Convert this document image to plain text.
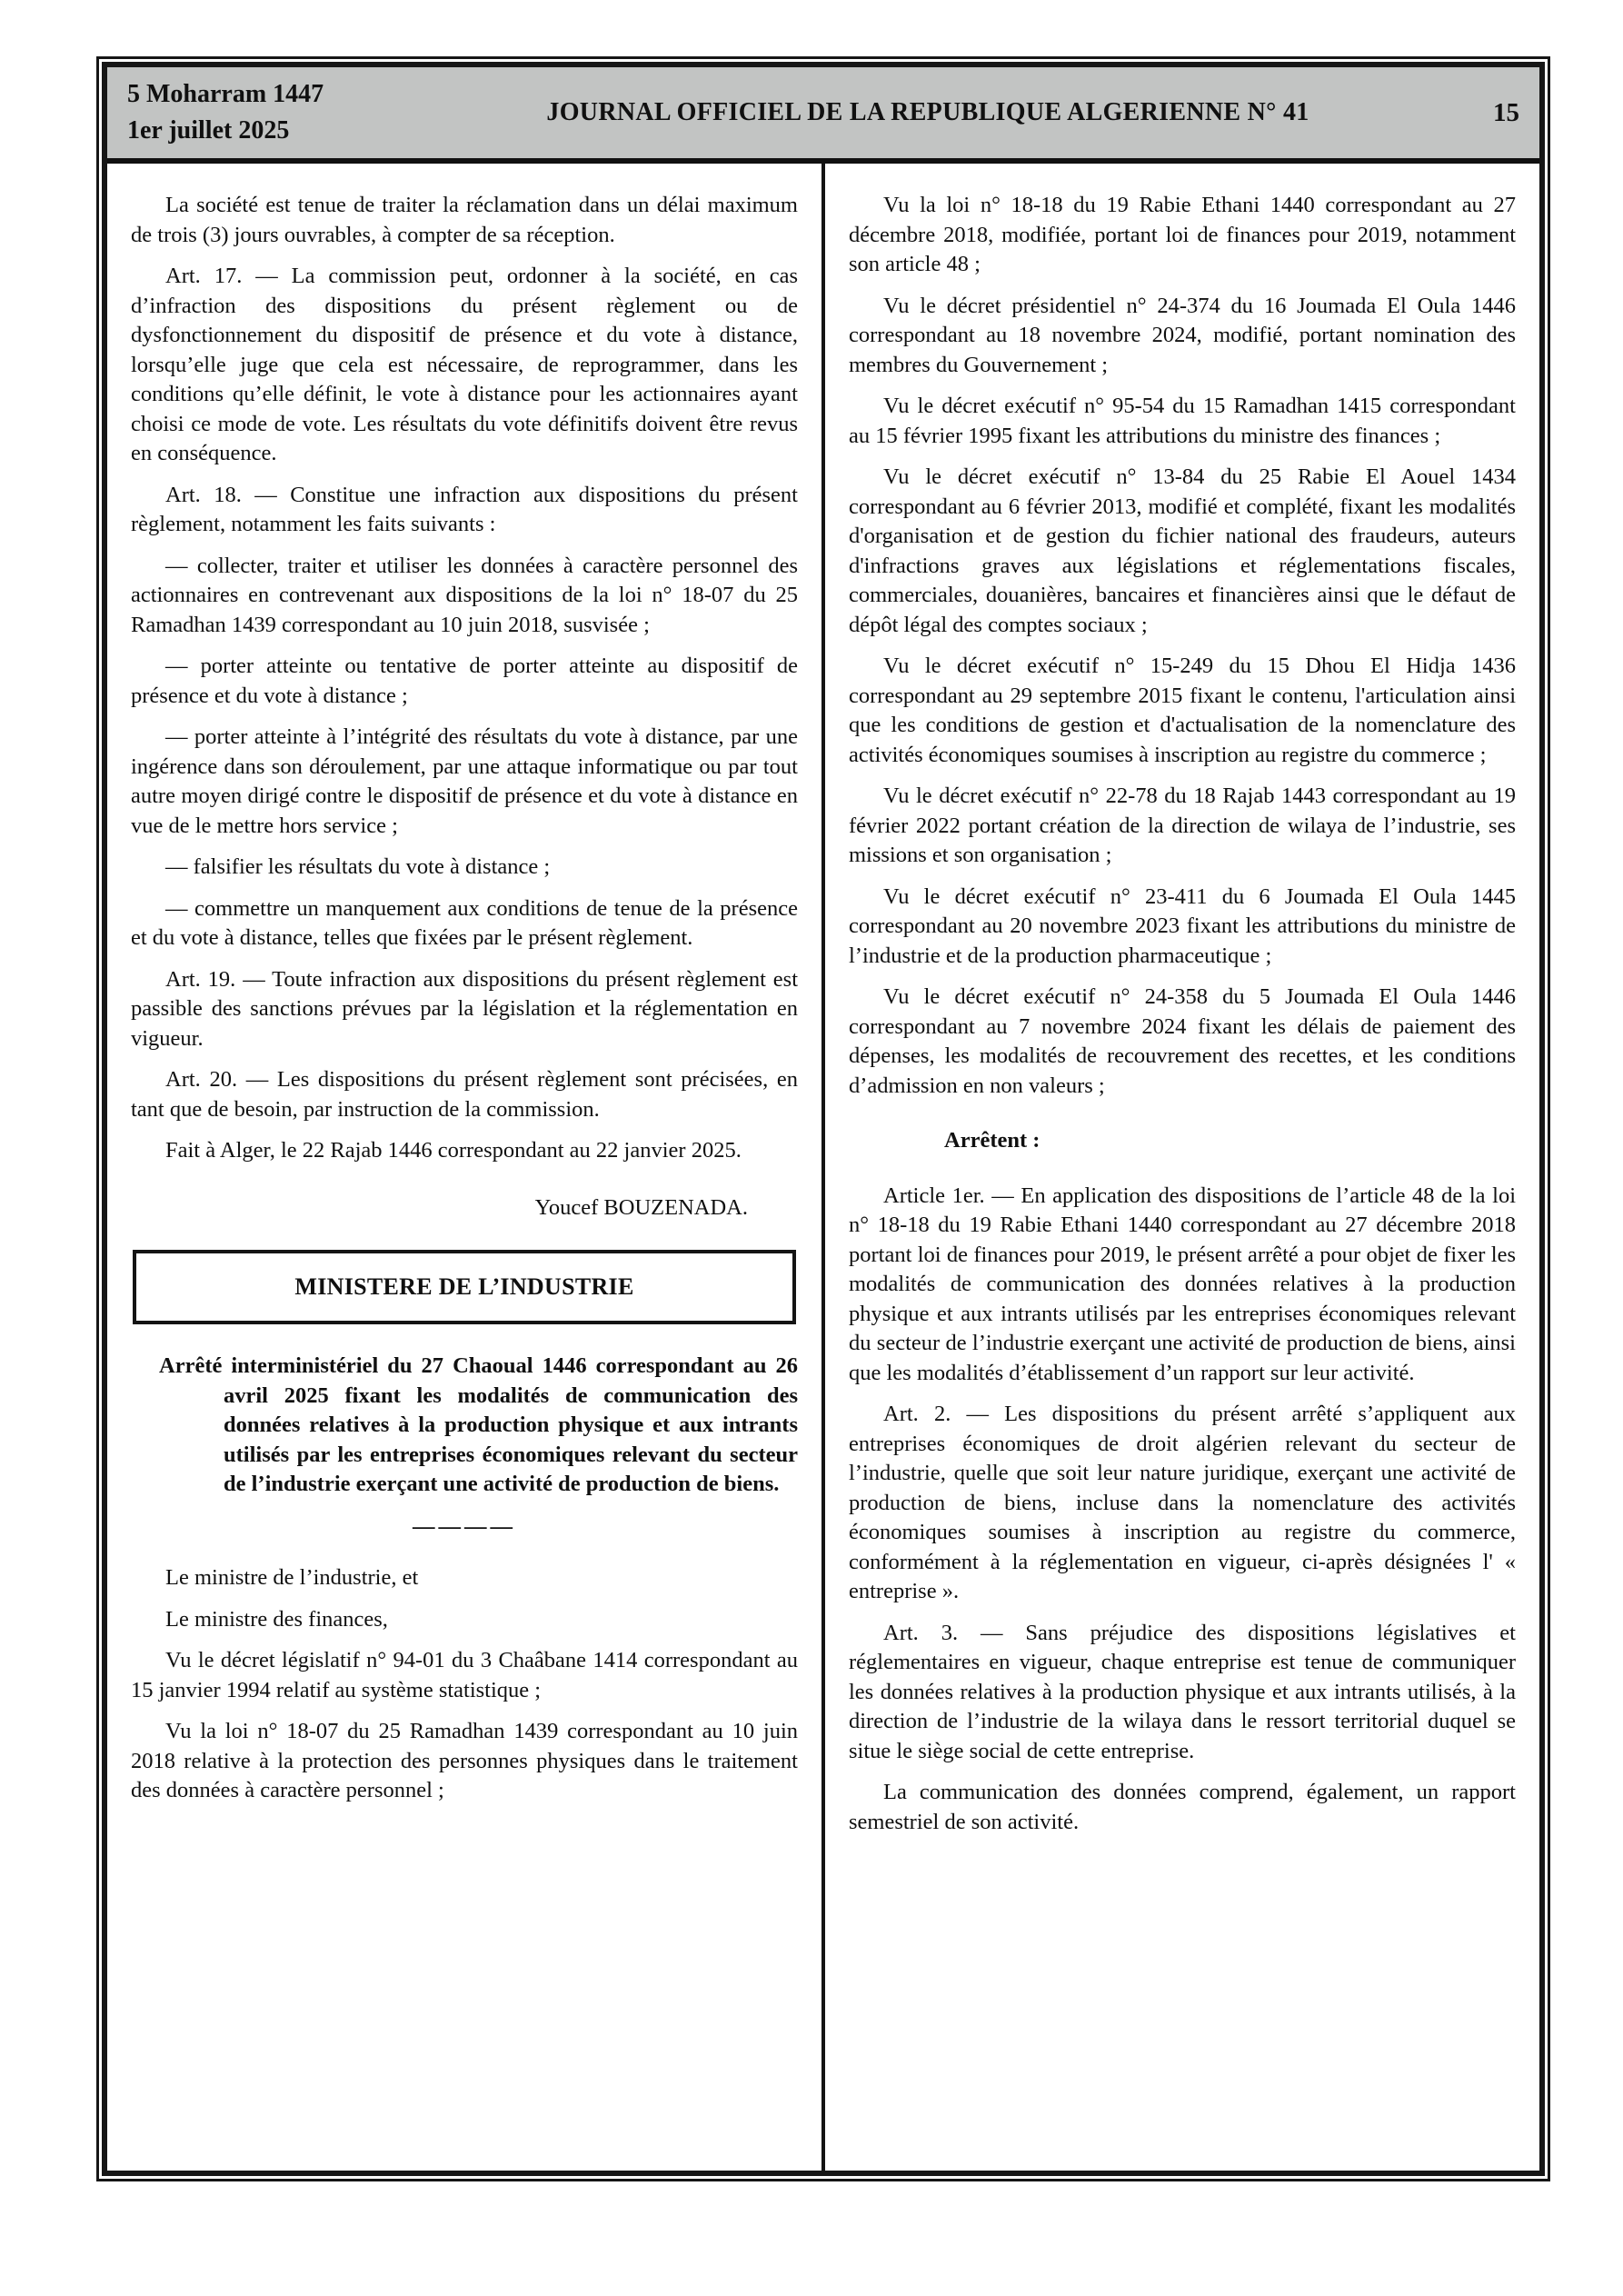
5 Moharram 1447
1er juillet 2025
JOURNAL OFFICIEL DE LA REPUBLIQUE ALGERIENNE N° 41	15

La société est tenue de traiter la réclamation dans un délai maximum de trois (3) jours ouvrables, à compter de sa réception.

Art. 17. — La commission peut, ordonner à la société, en cas d’infraction des dispositions du présent règlement ou de dysfonctionnement du dispositif de présence et du vote à distance, lorsqu’elle juge que cela est nécessaire, de reprogrammer, dans les conditions qu’elle définit, le vote à distance pour les actionnaires ayant choisi ce mode de vote. Les résultats du vote définitifs doivent être revus en conséquence.

Art. 18. — Constitue une infraction aux dispositions du présent règlement, notamment les faits suivants :

— collecter, traiter et utiliser les données à caractère personnel des actionnaires en contrevenant aux dispositions de la loi n° 18-07 du 25 Ramadhan 1439 correspondant au 10 juin 2018, susvisée ;

— porter atteinte ou tentative de porter atteinte au dispositif de présence et du vote à distance ;

— porter atteinte à l’intégrité des résultats du vote à distance, par une ingérence dans son déroulement, par une attaque informatique ou par tout autre moyen dirigé contre le dispositif de présence et du vote à distance en vue de le mettre hors service ;

— falsifier les résultats du vote à distance ;

— commettre un manquement aux conditions de tenue de la présence et du vote à distance, telles que fixées par le présent règlement.

Art. 19. — Toute infraction aux dispositions du présent règlement est passible des sanctions prévues par la législation et la réglementation en vigueur.

Art. 20. — Les dispositions du présent règlement sont précisées, en tant que de besoin, par instruction de la commission.

Fait à Alger, le 22 Rajab 1446 correspondant au 22 janvier 2025.

Youcef BOUZENADA.

MINISTERE DE L’INDUSTRIE

Arrêté interministériel du 27 Chaoual 1446 correspondant au 26 avril 2025 fixant les modalités de communication des données relatives à la production physique et aux intrants utilisés par les entreprises économiques relevant du secteur de l’industrie exerçant une activité de production de biens.

————

Le ministre de l’industrie, et

Le ministre des finances,

Vu le décret législatif n° 94-01 du 3 Chaâbane 1414 correspondant au 15 janvier 1994 relatif au système statistique ;

Vu la loi n° 18-07 du 25 Ramadhan 1439 correspondant au 10 juin 2018 relative à la protection des personnes physiques dans le traitement des données à caractère personnel ;

Vu la loi n° 18-18 du 19 Rabie Ethani 1440 correspondant au 27 décembre 2018, modifiée, portant loi de finances pour 2019, notamment son article 48 ;

Vu le décret présidentiel n° 24-374 du 16 Joumada El Oula 1446 correspondant au 18 novembre 2024, modifié, portant nomination des membres du Gouvernement ;

Vu le décret exécutif n° 95-54 du 15 Ramadhan 1415 correspondant au 15 février 1995 fixant les attributions du ministre des finances ;

Vu le décret exécutif n° 13-84 du 25 Rabie El Aouel 1434 correspondant au 6 février 2013, modifié et complété, fixant les modalités d'organisation et de gestion du fichier national des fraudeurs, auteurs d'infractions graves aux législations et réglementations fiscales, commerciales, douanières, bancaires et financières ainsi que le défaut de dépôt légal des comptes sociaux ;

Vu le décret exécutif n° 15-249 du 15 Dhou El Hidja 1436 correspondant au 29 septembre 2015 fixant le contenu, l'articulation ainsi que les conditions de gestion et d'actualisation de la nomenclature des activités économiques soumises à inscription au registre du commerce ;

Vu le décret exécutif n° 22-78 du 18 Rajab 1443 correspondant au 19 février 2022 portant création de la direction de wilaya de l’industrie, ses missions et son organisation ;

Vu le décret exécutif n° 23-411 du 6 Joumada El Oula 1445 correspondant au 20 novembre 2023 fixant les attributions du ministre de l’industrie et de la production pharmaceutique ;

Vu le décret exécutif n° 24-358 du 5 Joumada El Oula 1446 correspondant au 7 novembre 2024 fixant les délais de paiement des dépenses, les modalités de recouvrement des recettes, et les conditions d’admission en non valeurs ;

Arrêtent :

Article 1er. — En application des dispositions de l’article 48 de la loi n° 18-18 du 19 Rabie Ethani 1440 correspondant au 27 décembre 2018 portant loi de finances pour 2019, le présent arrêté a pour objet de fixer les modalités de communication des données relatives à la production physique et aux intrants utilisés par les entreprises économiques relevant du secteur de l’industrie exerçant une activité de production de biens, ainsi que les modalités d’établissement d’un rapport sur leur activité.

Art. 2. — Les dispositions du présent arrêté s’appliquent aux entreprises économiques de droit algérien relevant du secteur de l’industrie, quelle que soit leur nature juridique, exerçant une activité de production de biens, incluse dans la nomenclature des activités économiques soumises à inscription au registre du commerce, conformément à la réglementation en vigueur, ci-après désignées l' « entreprise ».

Art. 3. — Sans préjudice des dispositions législatives et réglementaires en vigueur, chaque entreprise est tenue de communiquer les données relatives à la production physique et aux intrants utilisés, à la direction de l’industrie de la wilaya dans le ressort territorial duquel se situe le siège social de cette entreprise.

La communication des données comprend, également, un rapport semestriel de son activité.
